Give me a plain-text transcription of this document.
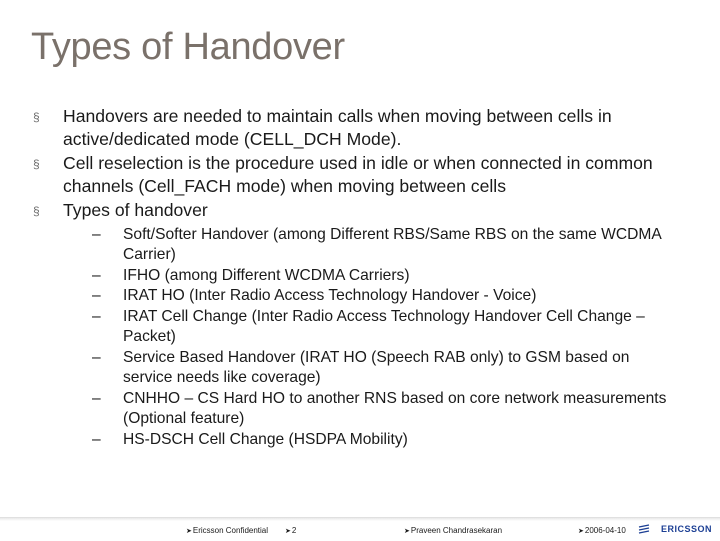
Types of Handover
§	Handovers are needed to maintain calls when moving between cells in active/dedicated mode (CELL_DCH Mode).
§	Cell reselection is the procedure used in idle or when connected in common channels (Cell_FACH mode) when moving between cells
§	Types of handover
– Soft/Softer Handover (among Different RBS/Same RBS on the same WCDMA Carrier)
– IFHO (among Different WCDMA Carriers)
– IRAT HO (Inter Radio Access Technology Handover - Voice)
– IRAT Cell Change (Inter Radio Access Technology Handover Cell Change – Packet)
– Service Based Handover (IRAT HO (Speech RAB only) to GSM based on service needs like coverage)
– CNHHO – CS Hard HO to another RNS based on core network measurements (Optional feature)
– HS-DSCH Cell Change (HSDPA Mobility)
➤Ericsson Confidential ➤2	➤Praveen Chandrasekaran	➤2006-04-10	ERICSSON
